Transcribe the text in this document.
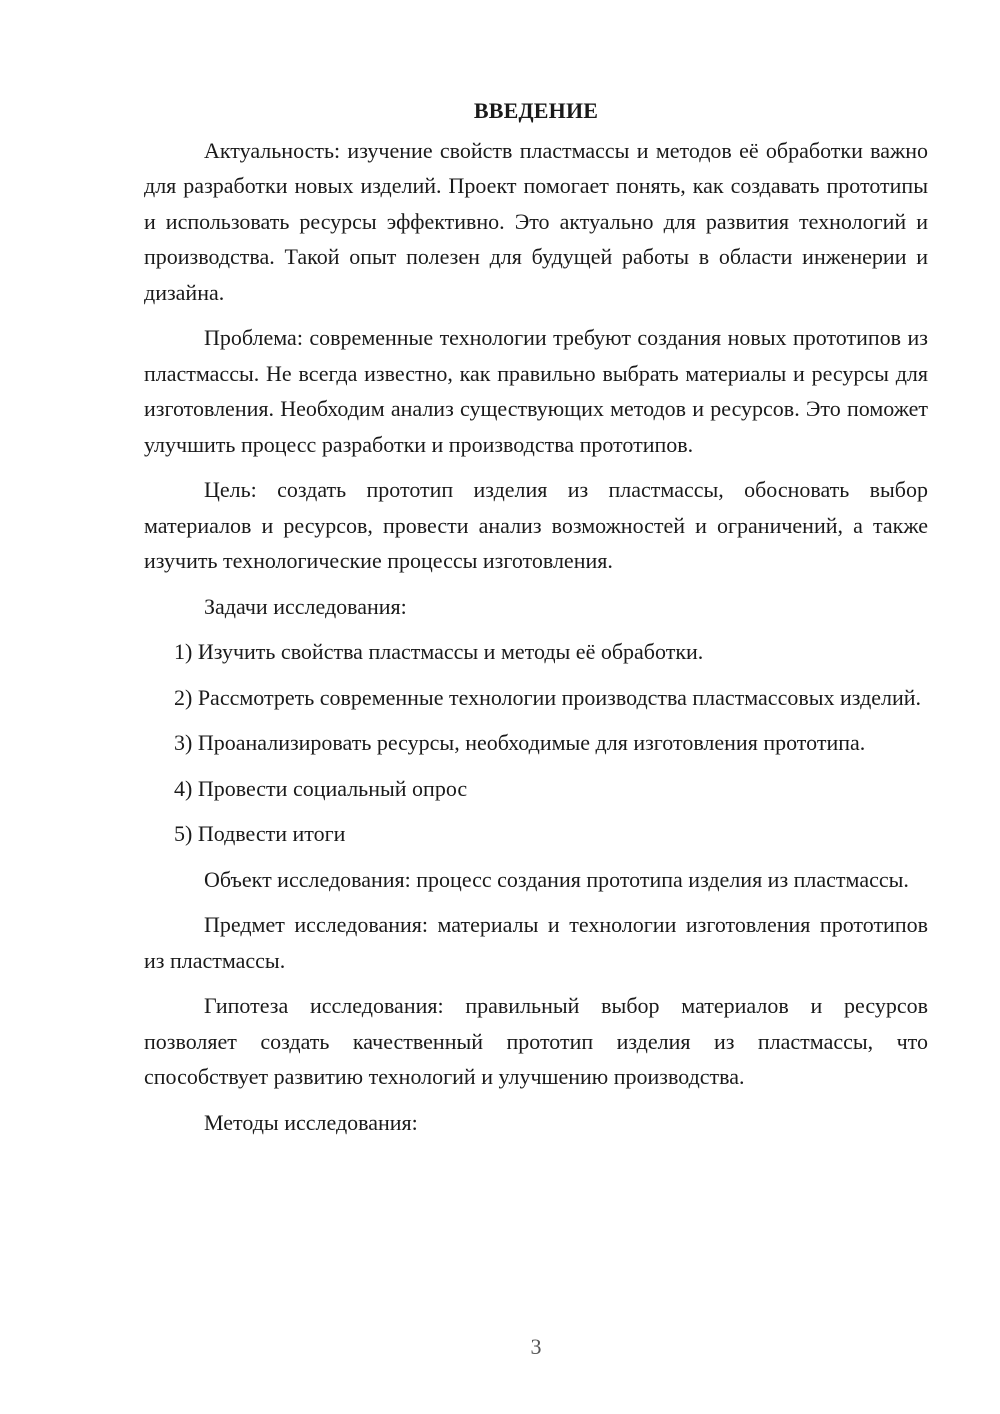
ВВЕДЕНИЕ

Актуальность: изучение свойств пластмассы и методов её обработки важно для разработки новых изделий. Проект помогает понять, как создавать прототипы и использовать ресурсы эффективно. Это актуально для развития технологий и производства. Такой опыт полезен для будущей работы в области инженерии и дизайна.

Проблема: современные технологии требуют создания новых прототипов из пластмассы. Не всегда известно, как правильно выбрать материалы и ресурсы для изготовления. Необходим анализ существующих методов и ресурсов. Это поможет улучшить процесс разработки и производства прототипов.

Цель: создать прототип изделия из пластмассы, обосновать выбор материалов и ресурсов, провести анализ возможностей и ограничений, а также изучить технологические процессы изготовления.

Задачи исследования:

1) Изучить свойства пластмассы и методы её обработки.

2) Рассмотреть современные технологии производства пластмассовых изделий.

3) Проанализировать ресурсы, необходимые для изготовления прототипа.

4) Провести социальный опрос

5) Подвести итоги

Объект исследования: процесс создания прототипа изделия из пластмассы.

Предмет исследования: материалы и технологии изготовления прототипов из пластмассы.

Гипотеза исследования: правильный выбор материалов и ресурсов позволяет создать качественный прототип изделия из пластмассы, что способствует развитию технологий и улучшению производства.

Методы исследования:

3
